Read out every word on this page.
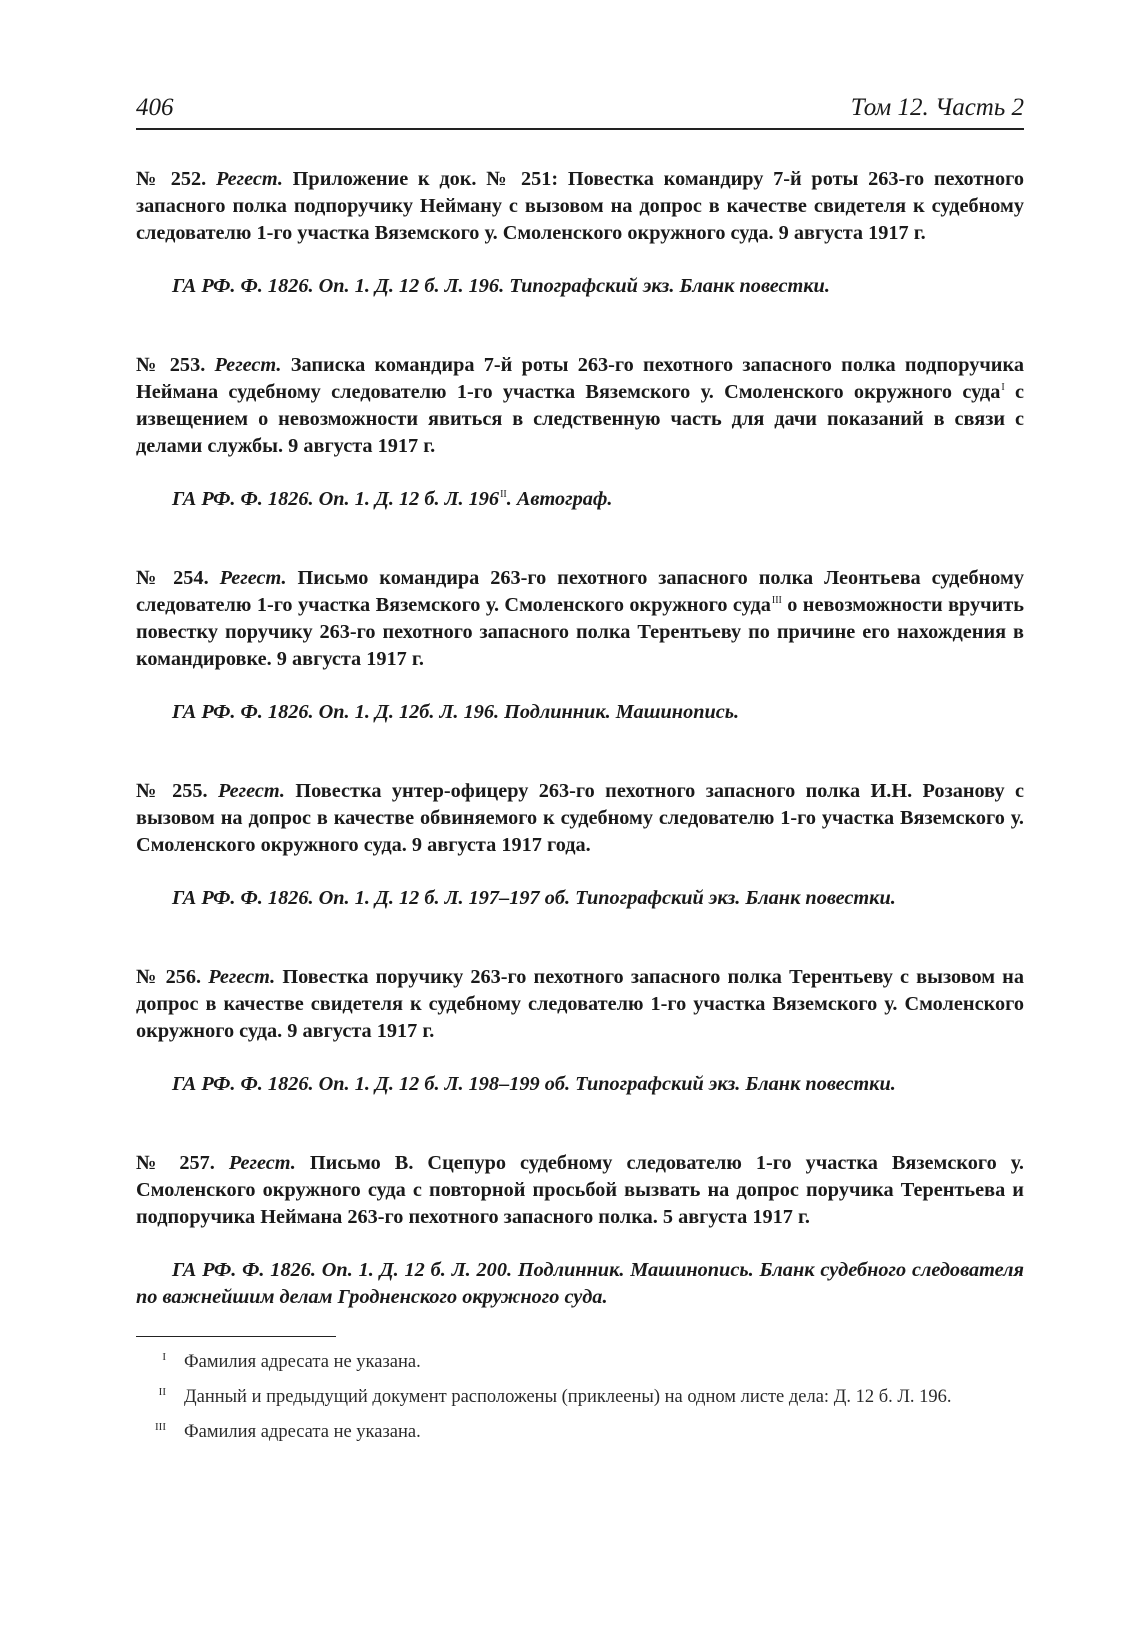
406	Том 12. Часть 2

№ 252. Регест. Приложение к док. № 251: Повестка командиру 7-й роты 263-го пехотного запасного полка подпоручику Нейману с вызовом на допрос в качестве свидетеля к судебному следователю 1-го участка Вяземского у. Смоленского окружного суда. 9 августа 1917 г.

ГА РФ. Ф. 1826. Оп. 1. Д. 12 б. Л. 196. Типографский экз. Бланк повестки.

№ 253. Регест. Записка командира 7-й роты 263-го пехотного запасного полка подпоручика Неймана судебному следователю 1-го участка Вяземского у. Смоленского окружного суда$^I$ с извещением о невозможности явиться в следственную часть для дачи показаний в связи с делами службы. 9 августа 1917 г.

ГА РФ. Ф. 1826. Оп. 1. Д. 12 б. Л. 196$^{II}$. Автограф.

№ 254. Регест. Письмо командира 263-го пехотного запасного полка Леонтьева судебному следователю 1-го участка Вяземского у. Смоленского окружного суда$^{III}$ о невозможности вручить повестку поручику 263-го пехотного запасного полка Терентьеву по причине его нахождения в командировке. 9 августа 1917 г.

ГА РФ. Ф. 1826. Оп. 1. Д. 12б. Л. 196. Подлинник. Машинопись.

№ 255. Регест. Повестка унтер-офицеру 263-го пехотного запасного полка И.Н. Розанову с вызовом на допрос в качестве обвиняемого к судебному следователю 1-го участка Вяземского у. Смоленского окружного суда. 9 августа 1917 года.

ГА РФ. Ф. 1826. Оп. 1. Д. 12 б. Л. 197–197 об. Типографский экз. Бланк повестки.

№ 256. Регест. Повестка поручику 263-го пехотного запасного полка Терентьеву с вызовом на допрос в качестве свидетеля к судебному следователю 1-го участка Вяземского у. Смоленского окружного суда. 9 августа 1917 г.

ГА РФ. Ф. 1826. Оп. 1. Д. 12 б. Л. 198–199 об. Типографский экз. Бланк повестки.

№ 257. Регест. Письмо В. Сцепуро судебному следователю 1-го участка Вяземского у. Смоленского окружного суда с повторной просьбой вызвать на допрос поручика Терентьева и подпоручика Неймана 263-го пехотного запасного полка. 5 августа 1917 г.

ГА РФ. Ф. 1826. Оп. 1. Д. 12 б. Л. 200. Подлинник. Машинопись. Бланк судебного следователя по важнейшим делам Гродненского окружного суда.

I Фамилия адресата не указана.
II Данный и предыдущий документ расположены (приклеены) на одном листе дела: Д. 12 б. Л. 196.
III Фамилия адресата не указана.
